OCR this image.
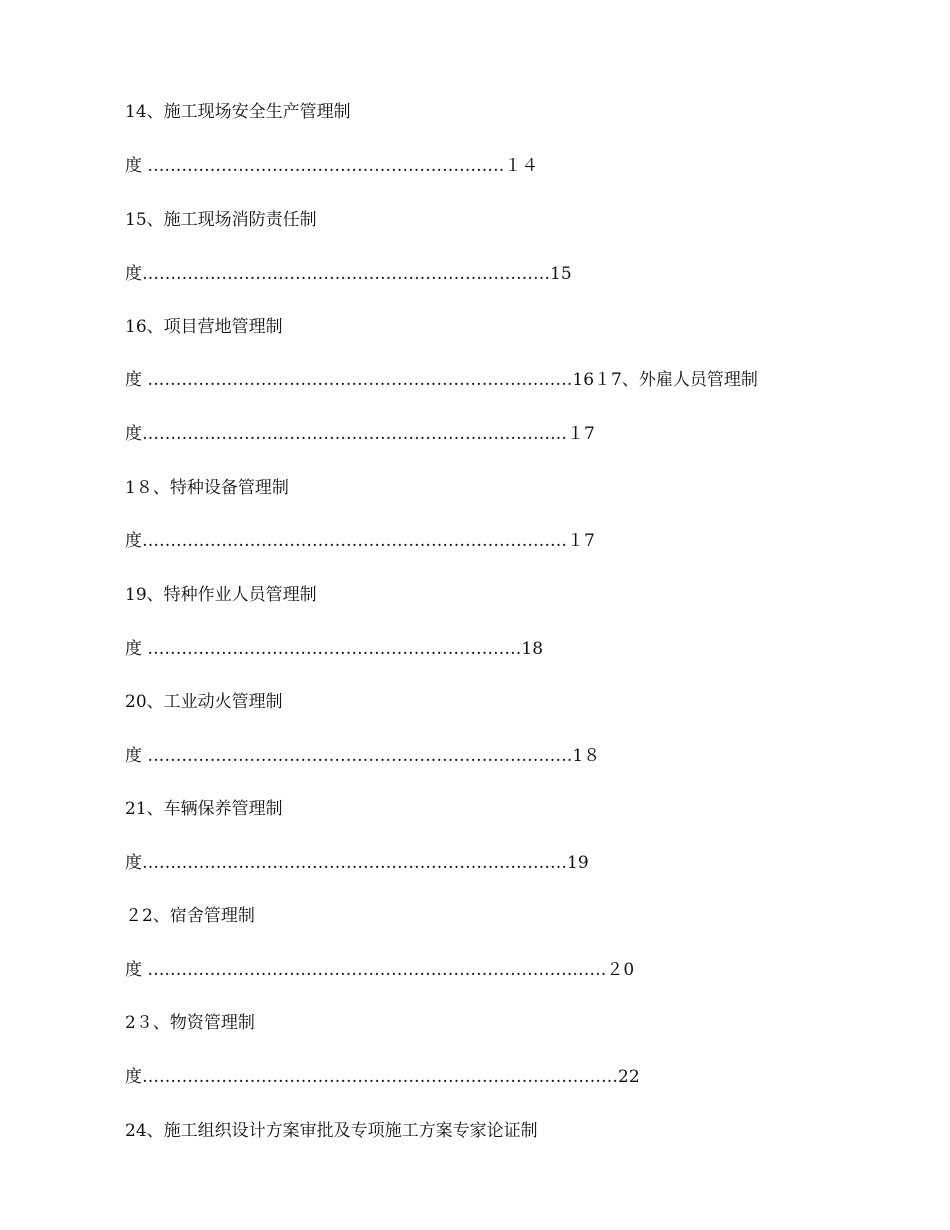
14、施工现场安全生产管理制
度 ………………………………………………………１４
15、施工现场消防责任制
度………………………………………………………………15
16、项目营地管理制
度 …………………………………………………………………16１7、外雇人员管理制
度…………………………………………………………………１7
1８、特种设备管理制
度…………………………………………………………………１7
19、特种作业人员管理制
度 …………………………………………………………18
20、工业动火管理制
度 …………………………………………………………………1８
21、车辆保养管理制
度…………………………………………………………………19
２2、宿舍管理制
度 ………………………………………………………………………２0
2３、物资管理制
度…………………………………………………………………………22
24、施工组织设计方案审批及专项施工方案专家论证制
